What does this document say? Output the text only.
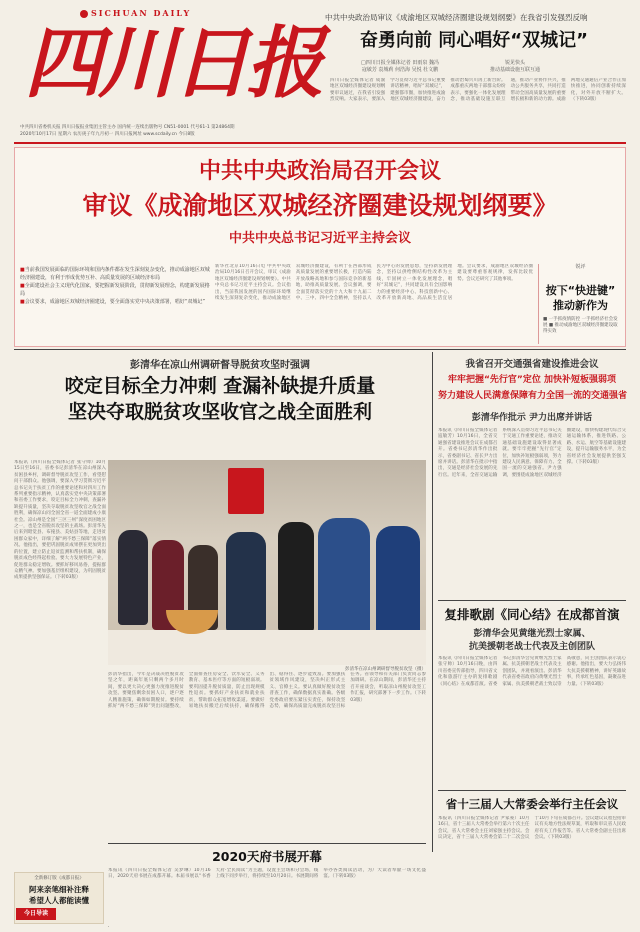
SICHUAN DAILY
四川日报
中共四川省委机关报 四川日报报业集团主管主办 国内统一连续出版物号 CN51-0001 代号61-1 第24864期
2020年10月17日 星期六 农历庚子年九月初一 四川日报网址 www.scdaily.cn 今日8版
中共中央政治局审议《成渝地区双城经济圈建设规划纲要》在我省引发强烈反响
奋勇向前 同心唱好“双城记”
□四川日报全媒体记者 田雨泉 魏冯
寇敏芳 袁城莉 何浩海 吴悦 杜文鹏
锐见快头
推动基础设施互联互通
四川日报全媒体记者 成渝地区双城经济圈建设规划纲要审议通过，在我省引发强烈反响。大家表示，要深入学习贯彻习近平总书记重要讲话精神，唱好“双城记”，建强都市圈，加快推进成渝地区双城经济圈建设，奋力推动治蜀兴川再上新台阶。成都重庆两地干部群众纷纷表示，要强化一体化发展理念，推动基础设施互联互通，推动产业协作共兴，推动公共服务共享，共同打造带动全国高质量发展的重要增长极和新的动力源。成渝两地交通通信产业合作正加快推进，协同创新持续深化，对外开放不断扩大。（下转03版）
中共中央政治局召开会议
审议《成渝地区双城经济圈建设规划纲要》
中共中央总书记习近平主持会议
■当前我国发展面临的国际环境和国内条件都在发生深刻复杂变化，推动成渝地区双城经济圈建设，有利于形成优势互补、高质量发展的区域经济布局
■全面建设社会主义现代化国家，要把握新发展阶段，贯彻新发展理念，构建新发展格局
■会议要求，成渝地区双城经济圈建设，要全面落实党中央决策部署，唱好“双城记”
新华社北京10月16日电 中共中央政治局10月16日召开会议，审议《成渝地区双城经济圈建设规划纲要》。中共中央总书记习近平主持会议。会议指出，当前我国发展的国内国际环境继续发生深刻复杂变化，推动成渝地区双城经济圈建设，有利于在西部形成高质量发展的重要增长极，打造内陆开放战略高地和参与国际竞争的新基地，助推高质量发展。会议强调，要全面贯彻落实党的十九大和十九届二中、三中、四中全会精神，坚持以人民为中心的发展思想，坚持新发展理念，坚持以供给侧结构性改革为主线，牢固树立一体化发展理念，唱好“双城记”，共同建设具有全国影响力的重要经济中心、科技创新中心、改革开放新高地、高品质生活宜居地。会议要求，成渝地区双城经济圈建设要尊重客观规律，发挥比较优势。会议还研究了其他事项。
锐评
按下“快进键”
推动新作为
■ 一手抓疫情防控 一手抓经济社会发展 ■ 推动成渝地区双城经济圈建设取得实效
彭清华在凉山州调研督导脱贫攻坚时强调
咬定目标全力冲刺 查漏补缺提升质量
坚决夺取脱贫攻坚收官之战全面胜利
本报讯（四川日报全媒体记者 张守帅）10月15日至16日，省委书记彭清华在凉山州深入贫困县乡村，调研督导脱贫攻坚工作，看望慰问干部群众。他强调，要深入学习贯彻习近平总书记关于扶贫工作的重要论述和对四川工作系列重要指示精神，认真落实党中央决策部署和省委工作要求，咬定目标全力冲刺，查漏补缺提升质量，坚决夺取脱贫攻坚收官之战全面胜利，确保凉山同全国全省一道全面建成小康社会。凉山州是全国“三区三州”深度贫困地区之一，也是全省脱贫攻坚的主战场。彭清华先后来到昭觉县、布拖县、美姑县等地，走进贫困群众家中，详细了解“两不愁三保障”落实情况。他指出，要把巩固脱贫成果摆在更加突出的位置，建立防止返贫监测和帮扶机制，确保脱贫成色经得起检验。要大力发展特色产业，促进群众稳定增收。要抓好移风易俗，提振群众精气神。要加强基层组织建设，为巩固脱贫成果提供坚强保证。（下转03版）
彭清华在凉山州调研督导脱贫攻坚（摄）
彭清华指出，今年是决战决胜脱贫攻坚之年，距离年底只剩两个多月时间，要以更大决心更强力度推进脱贫攻坚。要聚焦剩余贫困人口，逐户逐人精准施策，确保如期脱贫。要持续抓好“两不愁三保障”突出问题整改，全面排查住房安全、饮水安全、义务教育、基本医疗等方面的短板弱项。要巩固提升脱贫质量，防止出现规模性返贫。要抓好产业扶贫和就业扶贫，帮助群众拓宽增收渠道。要做好易地扶贫搬迁后续扶持，确保搬得出、稳得住、逐步能致富。要加强扶贫领域作风建设，坚决纠正形式主义、官僚主义。要认真做好脱贫攻坚普查工作，确保数据真实准确。各级党委政府要压紧压实责任，保持攻坚态势，确保高质量完成脱贫攻坚目标任务。省领导和有关部门负责同志参加调研。在凉山期间，彭清华还主持召开座谈会，听取凉山州脱贫攻坚工作汇报，研究部署下一步工作。（下转03版）
我省召开交通强省建设推进会议
牢牢把握“先行官”定位 加快补短板强弱项
努力建设人民满意保障有力全国一流的交通强省
彭清华作批示 尹力出席并讲话
本报讯（四川日报全媒体记者 寇敏芳）10月16日，全省交通强省建设推进会议在成都召开。省委书记彭清华作出批示，省委副书记、省长尹力出席并讲话。彭清华在批示中指出，交通是经济社会发展的先行官。近年来，全省交通运输系统深入贯彻习近平总书记关于交通工作重要论述，推动交通基础设施建设取得显著成就。要牢牢把握“先行官”定位，加快补短板强弱项，努力建设人民满意、保障有力、全国一流的交通强省。尹力强调，要围绕成渝地区双城经济圈建设，加快构建现代综合交通运输体系，推进铁路、公路、水运、航空等基础设施建设，提升运输服务水平，为全省经济社会发展提供坚强支撑。（下转03版）
复排歌剧《同心结》在成都首演
彭清华会见黄继光烈士家属、
抗美援朝老战士代表及主创团队
本报讯（四川日报全媒体记者 张守帅）10月16日晚，由四川省委宣传部指导，四川省文化和旅游厅主办的复排歌剧《同心结》在成都首演。省委书记彭清华会见黄继光烈士家属、抗美援朝老战士代表及主创团队，并观看演出。彭清华代表省委省政府向黄继光烈士家属、抗美援朝老战士致以崇高敬意，向主创团队表示衷心感谢。他指出，要大力弘扬伟大抗美援朝精神，讲好英雄故事，传承红色基因，凝聚奋进力量。（下转03版）
省十三届人大常委会举行主任会议
本报讯（四川日报全媒体记者 尹家豪）10月16日，省十三届人大常委会举行第六十次主任会议，省人大常委会主任刘家强主持会议。会议决定，省十三届人大常委会第二十二次会议于10月下旬在成都召开。会议建议议程包括审议有关地方性法规草案，听取和审议省人民政府有关工作报告等。省人大常委会副主任出席会议。（下转03版）
2020天府书展开幕
本报讯（四川日报全媒体记者 吴梦琳）10月16日，2020天府书展在成都开幕。本届书展以“书香天府·全民阅读”为主题，设置主会场和分会场，线上线下同步举行，将持续至10月20日。书展期间将举办各类阅读活动，为广大读者奉献一场文化盛宴。（下转03版）
全新修订版《成都日报》
阿来亲笔细补注释
希望人人都能读懂
今日导读
